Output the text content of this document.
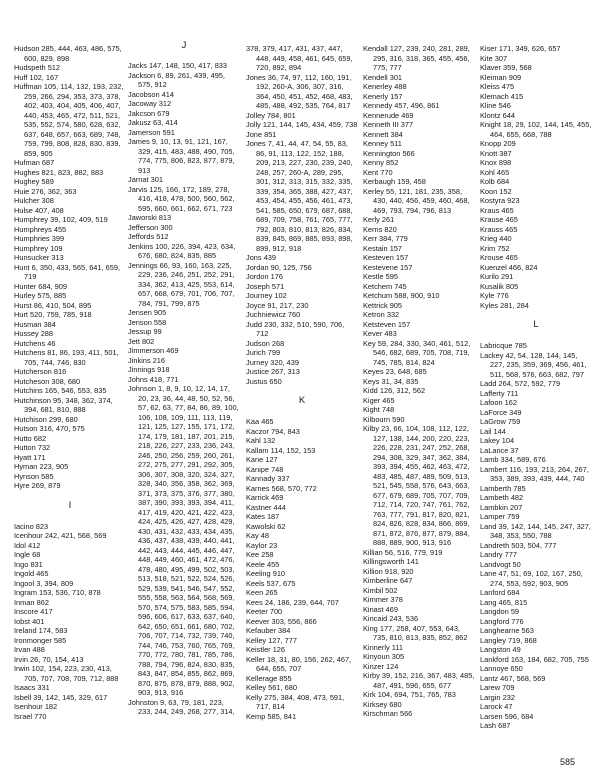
Hudson 285, 444, 463, 486, 575, 600, 829, 898
Hudspeth 512
Huff 102, 167
Huffman 105, 114, 132, 193, 232, 259, 266, 294, 353, 373, 378, 402, 403, 404, 405, 406, 407, 440, 453, 465, 472, 511, 521, 535, 552, 574, 580, 628, 632, 637, 648, 657, 663, 689, 748, 759, 799, 808, 828, 830, 839, 859, 905
Hufman 687
Hughes 821, 823, 882, 883
Hughey 589
Huie 276, 362, 363
Hulcher 308
Hulse 407, 408
Humphrey 39, 102, 409, 519
Humphreys 455
Humphries 399
Humphrey 109
Hunsucker 313
Hunt 6, 350, 433, 565, 641, 659, 719
Hunter 684, 909
Hurley 575, 885
Hurst 86, 410, 504, 895
Hurt 520, 759, 785, 918
Husman 384
Hussey 288
Hutchens 46
Hutchens 81, 86, 193, 411, 501, 705, 744, 746, 830
Hutcherson 816
Hutcheson 308, 680
Hutchins 165, 546, 553, 835
Hutchinson 95, 348, 362, 374, 394, 681, 810, 888
Hutchison 299, 680
Hutson 316, 470, 575
Hutto 682
Hutton 732
Hyatt 171
Hyman 223, 905
Hynson 585
Hyre 269, 879
I
Iacino 823
Icenhour 242, 421, 568, 569
Idol 412
Ingle 68
Ingo 831
Ingold 465
Ingool 3, 394, 809
Ingram 153, 536, 710, 878
Inman 862
Inscore 417
Iobst 401
Ireland 174, 583
Ironmonger 585
Irvan 488
Irvin 26, 70, 154, 413
Irwin 102, 154, 223, 230, 413, 705, 707, 708, 709, 712, 888
Isaacs 331
Isbell 39, 142, 145, 329, 617
Isenhour 182
Israel 770
J
Jacks 147, 148, 150, 417, 833
Jackson 6, 89, 261, 439, 495, 575, 912
Jacobson 414
Jacoway 312
Jakcson 679
Jakusz 63, 414
Jamerson 591
James 9, 10, 13, 91, 121, 167, 329, 415, 483, 488, 490, 705, 774, 775, 806, 823, 877, 879, 913
Jarnat 301
Jarvis 125, 166, 172, 189, 278, 416, 418, 478, 500, 560, 562, 595, 660, 661, 662, 671, 723
Jaworski 813
Jefferson 300
Jeffords 512
Jenkins 100, 226, 394, 423, 634, 676, 680, 824, 835, 885
Jennings 66, 93, 160, 163, 225, 229, 236, 246, 251, 252, 291, 334, 362, 413, 425, 553, 614, 657, 668, 679, 701, 706, 707, 784, 791, 799, 875
Jensen 905
Jenson 558
Jessup 99
Jett 802
Jimmerson 469
Jinkins 216
Jinnings 918
Johns 418, 771
Johnson 1, 8, 9, 10, 12, 14, 17, 20, 23, 36, 44, 48, 50, 52, 56, 57, 62, 63, 77, 84, 86, 89, 100, 106, 108, 109, 111, 113, 119, 121, 125, 127, 155, 171, 172, 174, 179, 181, 187, 201, 215, 218, 226, 227, 233, 236, 243, 246, 250, 256, 259, 260, 261, 272, 275, 277, 291, 292, 305, 306, 307, 308, 320, 324, 327, 328, 340, 356, 358, 362, 369, 371, 373, 375, 376, 377, 380, 387, 390, 393, 393, 394, 411, 417, 419, 420, 421, 422, 423, 424, 425, 426, 427, 428, 429, 430, 431, 432, 433, 434, 435, 436, 437, 438, 439, 440, 441, 442, 443, 444, 445, 446, 447, 448, 449, 460, 461, 472, 476, 478, 480, 495, 499, 502, 503, 513, 518, 521, 522, 524, 526, 529, 539, 541, 546, 547, 552, 555, 558, 563, 564, 568, 569, 570, 574, 575, 583, 585, 594, 596, 606, 617, 633, 637, 640, 642, 650, 651, 661, 680, 702, 706, 707, 714, 732, 739, 740, 744, 746, 753, 760, 765, 769, 770, 772, 780, 781, 785, 786, 788, 794, 796, 824, 830, 835, 843, 847, 854, 855, 862, 869, 870, 875, 878, 879, 888, 902, 903, 913, 916
Johnston 9, 63, 79, 181, 223, 233, 244, 249, 268, 277, 314,
378, 379, 417, 431, 437, 447, 448, 449, 458, 461, 645, 659, 720, 892, 894
Jones 36, 74, 97, 112, 160, 191, 192, 260-A, 306, 307, 316, 364, 450, 451, 452, 468, 483, 485, 488, 492, 535, 764, 817
Jolley 784, 801
Jolly 121, 144, 145, 434, 459, 738
Jone 851
Jones 7, 41, 44, 47, 54, 55, 83, 86, 91, 113, 122, 152, 188, 209, 213, 227, 230, 239, 240, 248, 257, 260-A, 289, 295, 301, 312, 313, 315, 332, 335, 339, 354, 365, 388, 427, 437, 453, 454, 455, 456, 461, 473, 541, 585, 650, 679, 687, 688, 689, 709, 758, 761, 765, 777, 792, 803, 810, 813, 826, 834, 839, 845, 869, 885, 893, 898, 899, 912, 918
Jons 439
Jordan 90, 125, 756
Jordon 176
Joseph 571
Journey 102
Joyce 91, 217, 230
Juchniewicz 760
Judd 230, 332, 510, 590, 706, 712
Judson 268
Jurich 799
Jurney 320, 439
Justice 267, 313
Justus 650
K
Kaa 465
Kaczor 794, 843
Kahl 132
Kallam 114, 152, 153
Kane 127
Kanipe 748
Kannady 337
Karnes 568, 570, 772
Karrick 469
Kastner 444
Kates 187
Kawolski 62
Kay 48
Kaylor 23
Kee 258
Keele 455
Keeling 910
Keels 537, 675
Keen 265
Kees 24, 186, 239, 644, 707
Keeter 700
Keever 303, 556, 866
Kefauber 384
Kelley 127, 777
Keistler 126
Keller 18, 31, 80, 156, 262, 467, 644, 655, 707
Kellerage 855
Kelley 561, 680
Kelly 275, 384, 408, 473, 591, 717, 814
Kemp 585, 841
Kendall 127, 239, 240, 281, 289, 295, 316, 318, 365, 455, 456, 775, 777
Kendell 301
Kenerley 488
Kenerly 157
Kennedy 457, 496, 861
Kennerude 469
Kenneth III 377
Kennett 384
Kenney 511
Kennington 566
Kenny 852
Kent 770
Kerbaugh 159, 458
Kerley 55, 121, 181, 235, 358, 430, 440, 456, 459, 460, 468, 469, 793, 794, 796, 813
Kerly 261
Kerns 820
Kerr 384, 779
Kestain 157
Kesteven 157
Kestevene 157
Kestle 595
Ketchem 745
Ketchum 588, 900, 910
Kettrick 905
Ketron 332
Ketsteven 157
Kever 483
Key 59, 284, 330, 340, 461, 512, 546, 682, 689, 705, 708, 719, 745, 785, 814, 824
Keyes 23, 648, 685
Keys 31, 34, 835
Kidd 126, 312, 562
Kiger 465
Kight 748
Kilbourn 590
Kilby 23, 66, 104, 108, 112, 122, 127, 138, 144, 200, 220, 223, 226, 228, 231, 247, 252, 268, 294, 308, 329, 347, 362, 384, 393, 394, 455, 462, 463, 472, 483, 485, 487, 489, 509, 513, 521, 545, 558, 576, 643, 663, 677, 679, 689, 705, 707, 709, 712, 714, 720, 747, 761, 762, 763, 777, 791, 817, 820, 821, 824, 826, 828, 834, 866, 869, 871, 872, 876, 877, 879, 884, 888, 889, 900, 913, 916
Killian 56, 516, 779, 919
Killingsworth 141
Killion 918, 920
Kimberline 647
Kimbil 502
Kimmer 378
Kinast 469
Kincaid 243, 536
King 177, 258, 407, 553, 643, 735, 810, 813, 835, 852, 862
Kinnerly 111
Kinyoun 305
Kinzer 124
Kirby 39, 152, 216, 367, 483, 485, 487, 491, 596, 655, 677
Kirk 104, 694, 751, 765, 783
Kirksey 680
Kirschman 566
Kiser 171, 349, 626, 657
Kite 307
Klaver 359, 568
Kleiman 909
Kleiss 475
Klemach 415
Kline 546
Klontz 644
Knight 18, 29, 102, 144, 145, 455, 464, 655, 668, 788
Knopp 209
Knott 387
Knox 898
Kohl 465
Kolb 684
Koon 152
Kostyra 923
Kraus 465
Krause 465
Krauss 465
Krieg 440
Krim 752
Krouse 465
Kuenzel 466, 824
Kurilo 291
Kusalik 805
Kyle 776
Kyles 281, 284
L
Labricque 785
Lackey 42, 54, 128, 144, 145, 227, 235, 359, 369, 456, 461, 511, 568, 576, 663, 682, 797
Ladd 264, 572, 592, 779
Lafferty 711
Lafoon 162
LaForce 349
LaGrow 759
Lail 144
Lakey 104
LaLance 37
Lamb 334, 589, 676
Lambert 116, 193, 213, 264, 267, 353, 389, 393, 439, 444, 740
Lamberth 785
Lambeth 482
Lambkin 207
Lamper 759
Land 39, 142, 144, 145, 247, 327, 348, 353, 550, 788
Landreth 503, 504, 777
Landry 777
Landvogt 50
Lane 47, 51, 69, 102, 167, 250, 274, 553, 592, 903, 905
Lanford 684
Lang 465, 815
Langdon 59
Langford 776
Langhearne 563
Langley 719, 868
Langston 49
Lankford 163, 184, 682, 705, 755
Lannoye 650
Lantz 467, 568, 569
Larew 709
Largin 232
Larock 47
Larsen 596, 684
Lash 687
585
